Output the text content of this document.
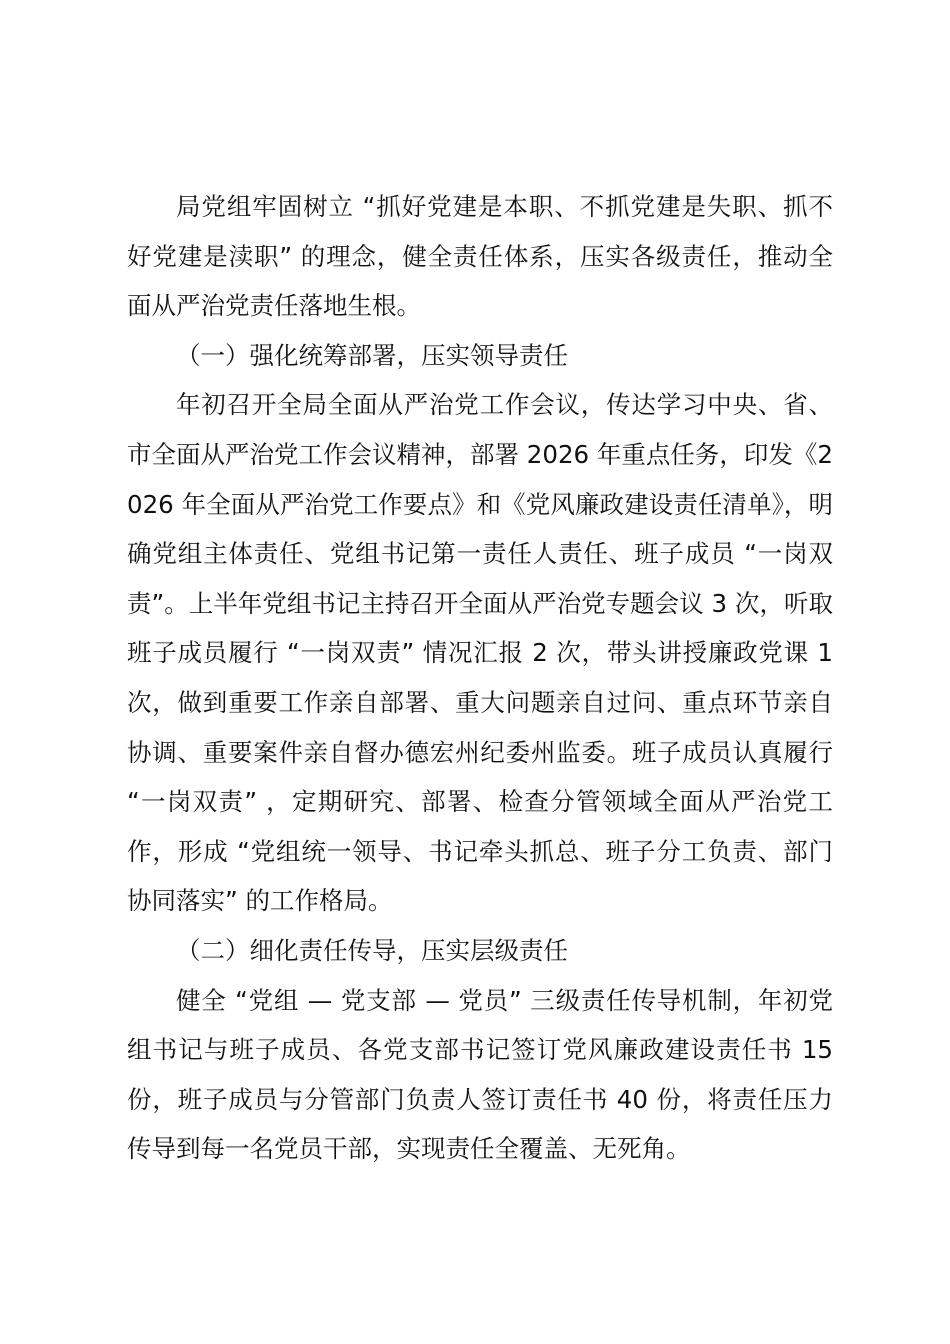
局党组牢固树立 “抓好党建是本职、不抓党建是失职、抓不好党建是渎职” 的理念，健全责任体系，压实各级责任，推动全面从严治党责任落地生根。

（一）强化统筹部署，压实领导责任

年初召开全局全面从严治党工作会议，传达学习中央、省、市全面从严治党工作会议精神，部署 2026 年重点任务，印发《2026 年全面从严治党工作要点》和《党风廉政建设责任清单》，明确党组主体责任、党组书记第一责任人责任、班子成员 “一岗双责”。上半年党组书记主持召开全面从严治党专题会议 3 次，听取班子成员履行 “一岗双责” 情况汇报 2 次，带头讲授廉政党课 1 次，做到重要工作亲自部署、重大问题亲自过问、重点环节亲自协调、重要案件亲自督办德宏州纪委州监委。班子成员认真履行 “一岗双责” ，定期研究、部署、检查分管领域全面从严治党工作，形成 “党组统一领导、书记牵头抓总、班子分工负责、部门协同落实” 的工作格局。

（二）细化责任传导，压实层级责任

健全 “党组 — 党支部 — 党员” 三级责任传导机制，年初党组书记与班子成员、各党支部书记签订党风廉政建设责任书 15 份，班子成员与分管部门负责人签订责任书 40 份，将责任压力传导到每一名党员干部，实现责任全覆盖、无死角。
